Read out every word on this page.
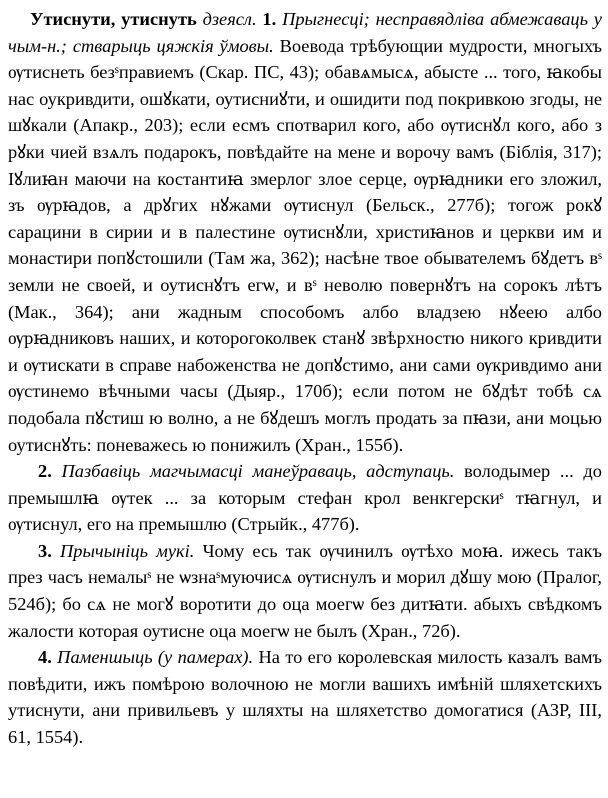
Утиснути, утиснуть дзеясл. 1. Прыгнесці; несправядліва абмежаваць у чым-н.; стварыць цяжкія ўмовы. Воевода трѣбующии мудрости, многыхъ ѹтиснеть безˢправиемъ (Скар. ПС, 43); обавѧмысѧ, абысте ... того, ꙗкобы нас оукривдити, ошꙋкати, оутисниꙋти, и ошидити под покривкою згоды, не шꙋкали (Апакр., 203); если есмъ спотварил кого, або ѹтиснꙋл кого, або з рꙋки чией взѧлъ подарокъ, повѣдайте на мене и ворочу вамъ (Біблія, 317); Іꙋлиꙗн маючи на костантиꙗ змерлог злое серце, ѹрꙗдники его зложил, зъ ѹрꙗдов, а дрꙋгих нꙋжами ѹтиснул (Бельск., 277б); тогож рокꙋ сарацини в сирии и в палестине ѹтиснꙋли, христиꙗнов и церкви им и монастири попꙋстошили (Там жа, 362); насѣнe твое обывателемъ бꙋдетъ вˢ земли не своей, и оутиснꙋтъ егѡ, и вˢ неволю повернꙋтъ на сорокъ лѣтъ (Мак., 364); ани жадным способомъ албо владзею нꙋеею албо ѹрꙗдниковъ наших, и которогоколвек станꙋ звѣрхностю никого кривдити и ѹтискати в справе набоженства не допꙋстимо, ани сами ѹкривдимо ани ѹстинемо вѣчными часы (Дыяр., 170б); если потом не бꙋдѣт тобѣ сѧ подобала пꙋстиш ю волно, а не бꙋдешъ моглъ продать за пꙗзи, ани моцью оутиснꙋть: поневажесь ю понижилъ (Хран., 155б).

2. Пазбавіць магчымасці манеўраваць, адступаць. володымер ... до премышлꙗ ѹтек ... за которым стефан крол венкгерскиˢ тꙗгнул, и ѹтиснул, его на премышлю (Стрыйк., 477б).

3. Прычыніць мукі. Чому есь так ѹчинилъ ѹтѣхо моꙗ. ижесь такъ през часъ немалыˢ не ѡзнаˢмуючисѧ ѹтиснулъ и морил дꙋшу мою (Пралог, 524б); бо сѧ не могꙋ воротити до оца моегѡ без дитꙗти. абыхъ свѣдкомъ жалости которая оутисне оца моегѡ не былъ (Хран., 72б).

4. Паменшыць (у памерах). На то его королевская милость казалъ вамъ повѣдити, ижъ помѣрою волочною не могли вашихъ имѣнiй шляхетскихъ утиснути, ани привильевъ у шляхты на шляхетство домогатися (АЗР, III, 61, 1554).
